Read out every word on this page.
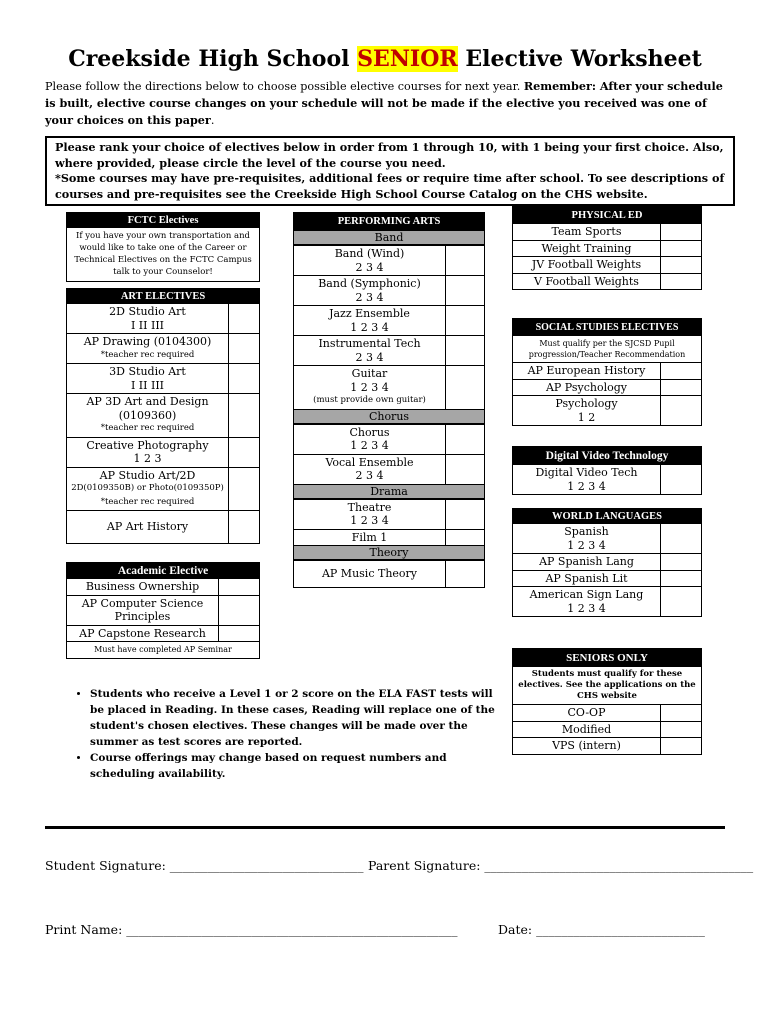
Creekside High School SENIOR Elective Worksheet
Please follow the directions below to choose possible elective courses for next year. Remember: After your schedule is built, elective course changes on your schedule will not be made if the elective you received was one of your choices on this paper.
Please rank your choice of electives below in order from 1 through 10, with 1 being your first choice. Also, where provided, please circle the level of the course you need.
*Some courses may have pre-requisites, additional fees or require time after school. To see descriptions of courses and pre-requisites see the Creekside High School Course Catalog on the CHS website.
FCTC Electives
If you have your own transportation and would like to take one of the Career or Technical Electives on the FCTC Campus talk to your Counselor!
ART ELECTIVES
2D Studio Art
I II III
AP Drawing (0104300)
*teacher rec required
3D Studio Art
I II III
AP 3D Art and Design
(0109360)
*teacher rec required
Creative Photography
1 2 3
AP Studio Art/2D
2D(0109350B) or Photo(0109350P)
*teacher rec required
AP Art History
Academic Elective
Business Ownership
AP Computer Science Principles
AP Capstone Research
Must have completed AP Seminar
PERFORMING ARTS
Band
Band (Wind)
2 3 4
Band (Symphonic)
2 3 4
Jazz Ensemble
1 2 3 4
Instrumental Tech
2 3 4
Guitar
1 2 3 4
(must provide own guitar)
Chorus
Chorus
1 2 3 4
Vocal Ensemble
2 3 4
Drama
Theatre
1 2 3 4
Film 1
Theory
AP Music Theory
PHYSICAL ED
Team Sports
Weight Training
JV Football Weights
V Football Weights
SOCIAL STUDIES ELECTIVES
Must qualify per the SJCSD Pupil progression/Teacher Recommendation
AP European History
AP Psychology
Psychology
1 2
Digital Video Technology
Digital Video Tech
1 2 3 4
WORLD LANGUAGES
Spanish
1 2 3 4
AP Spanish Lang
AP Spanish Lit
American Sign Lang
1 2 3 4
SENIORS ONLY
Students must qualify for these electives. See the applications on the CHS website
CO-OP
Modified
VPS (intern)
• Students who receive a Level 1 or 2 score on the ELA FAST tests will be placed in Reading. In these cases, Reading will replace one of the student's chosen electives. These changes will be made over the summer as test scores are reported.
• Course offerings may change based on request numbers and scheduling availability.
Student Signature: _______________________________ Parent Signature: ___________________________________________
Print Name: _____________________________________________________	Date: ___________________________
